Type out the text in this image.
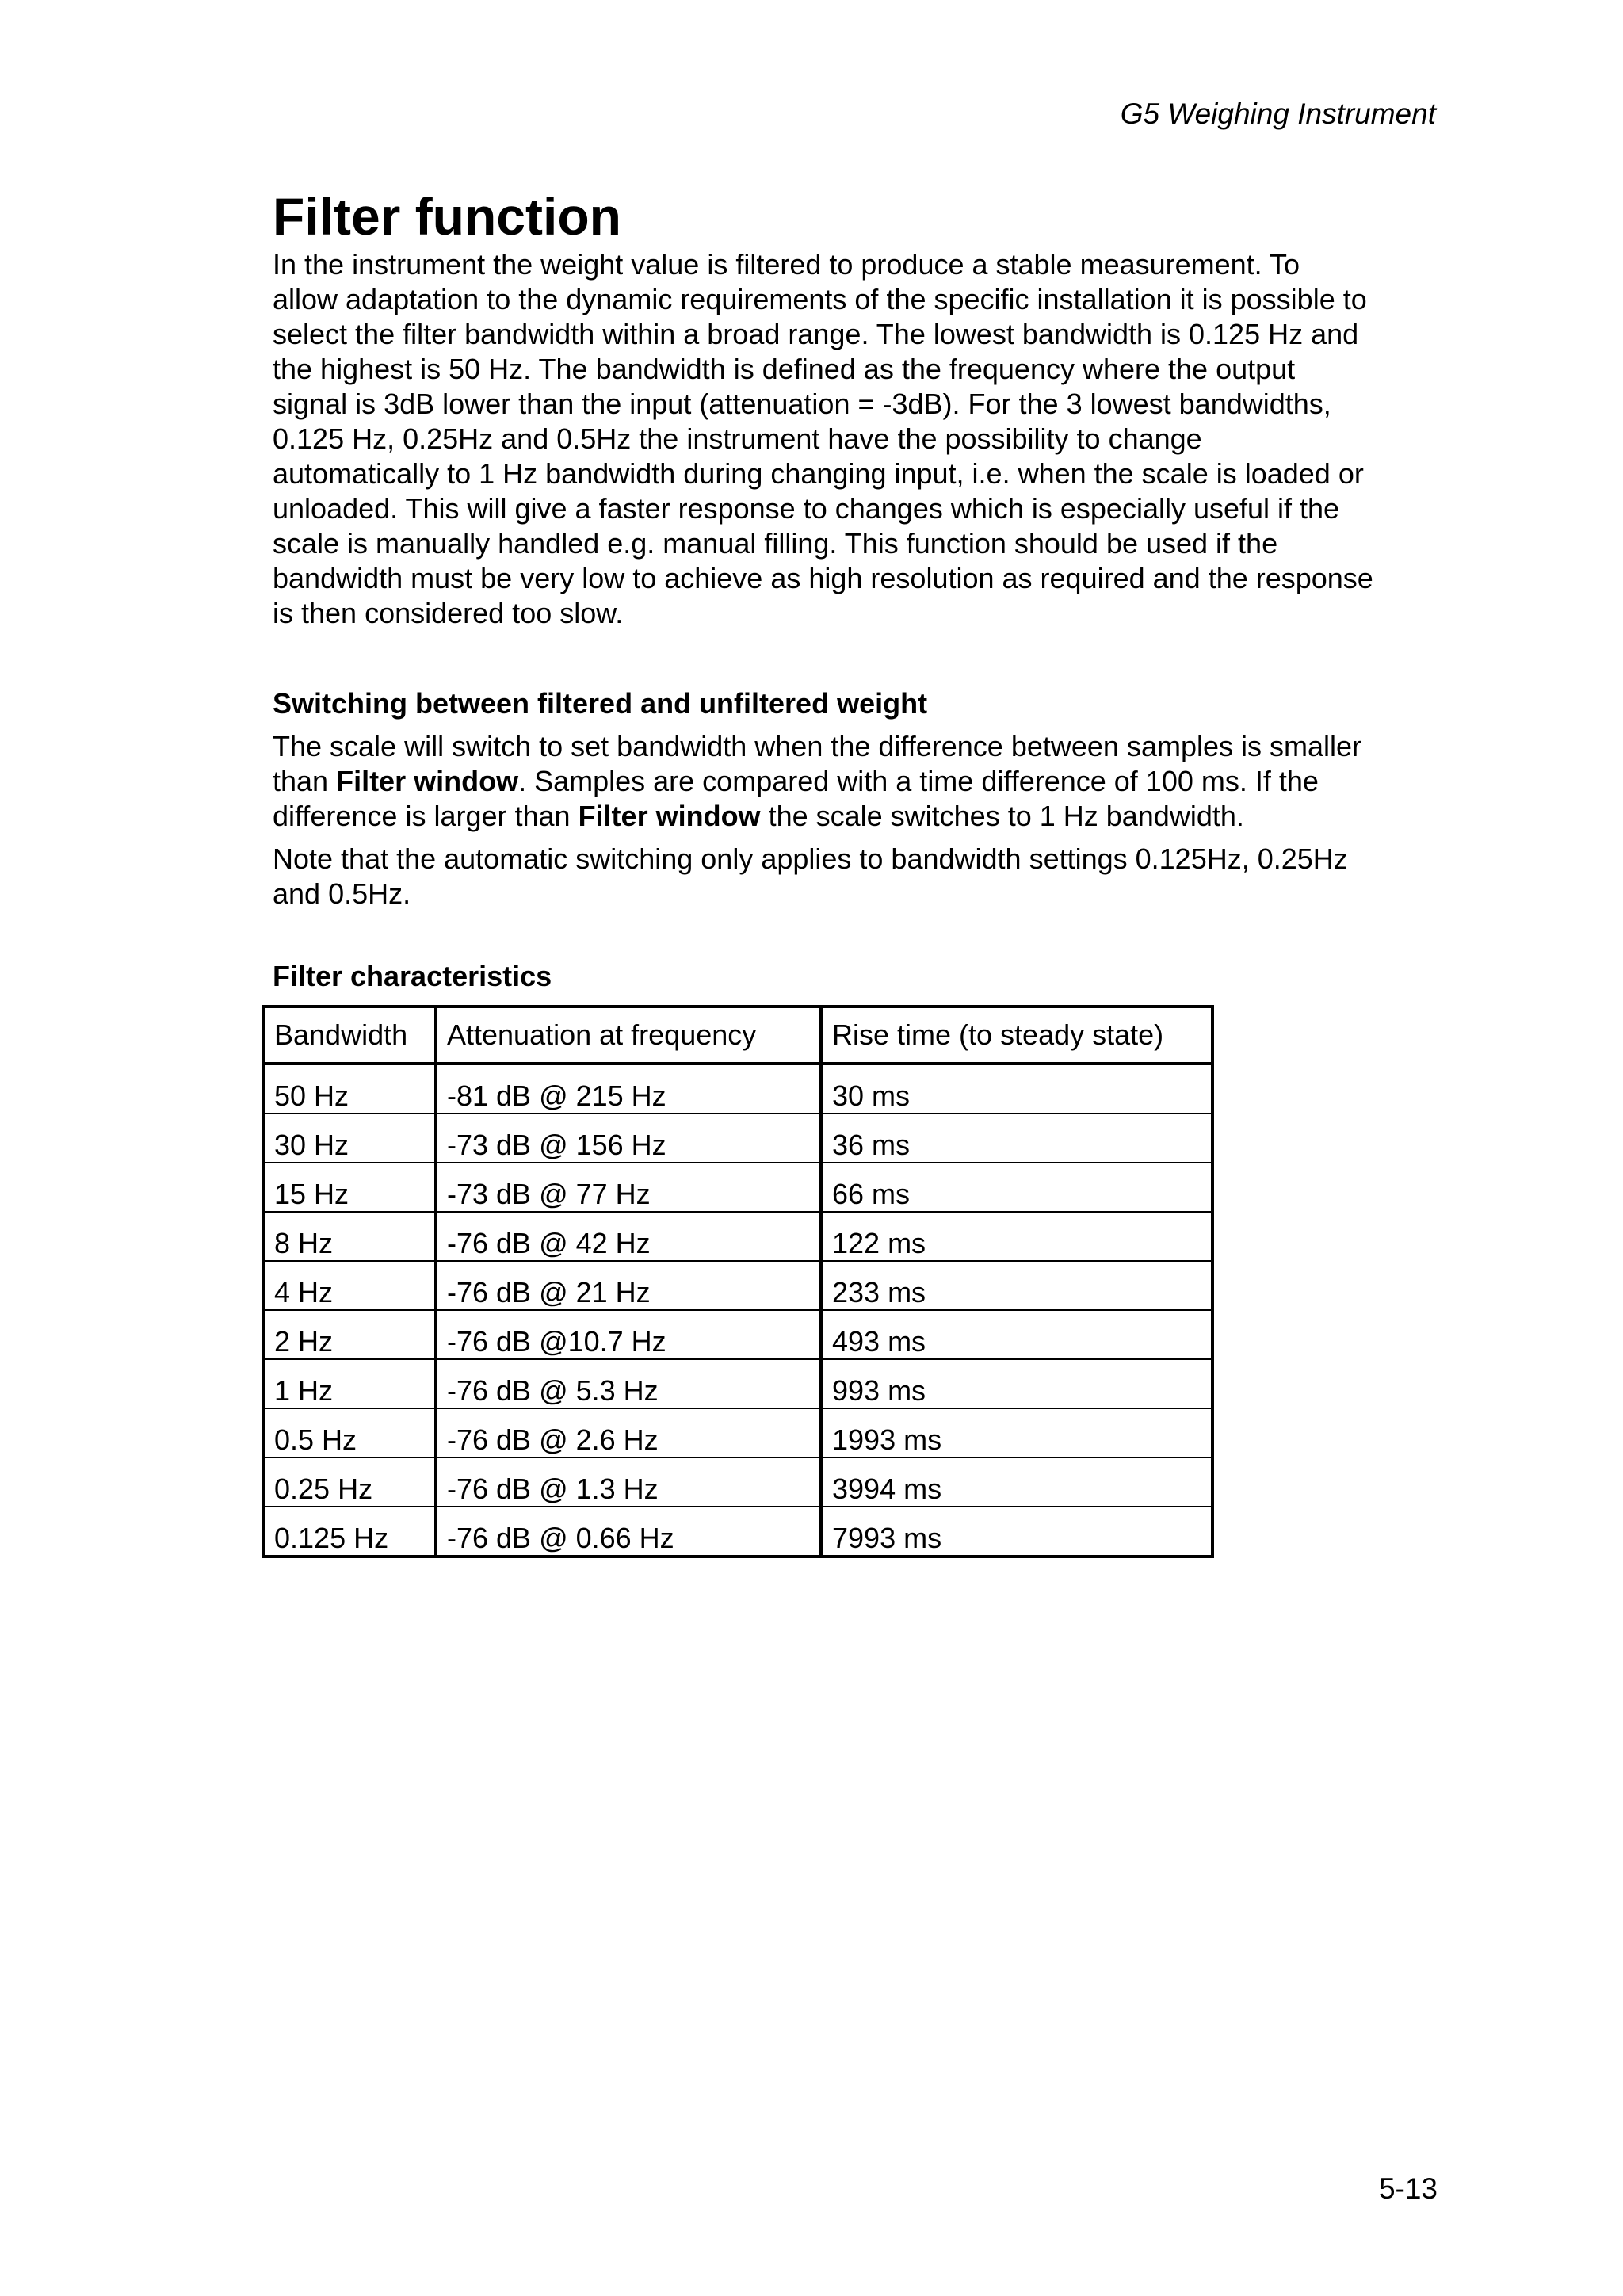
G5 Weighing Instrument
Filter function
In the instrument the weight value is filtered to produce a stable measurement. To
allow adaptation to the dynamic requirements of the specific installation it is possible to
select the filter bandwidth within a broad range. The lowest bandwidth is 0.125 Hz and
the highest is 50 Hz. The bandwidth is defined as the frequency where the output
signal is 3dB lower than the input (attenuation = -3dB). For the 3 lowest bandwidths,
0.125 Hz, 0.25Hz and 0.5Hz the instrument have the possibility to change
automatically to 1 Hz bandwidth during changing input, i.e. when the scale is loaded or
unloaded. This will give a faster response to changes which is especially useful if the
scale is manually handled e.g. manual filling. This function should be used if the
bandwidth must be very low to achieve as high resolution as required and the response
is then considered too slow.
Switching between filtered and unfiltered weight
The scale will switch to set bandwidth when the difference between samples is smaller
than Filter window. Samples are compared with a time difference of 100 ms. If the
difference is larger than Filter window the scale switches to 1 Hz bandwidth.
Note that the automatic switching only applies to bandwidth settings 0.125Hz, 0.25Hz
and 0.5Hz.
Filter characteristics
Bandwidth	Attenuation at frequency	Rise time (to steady state)
50 Hz	-81 dB @ 215 Hz	30 ms
30 Hz	-73 dB @ 156 Hz	36 ms
15 Hz	-73 dB @ 77 Hz	66 ms
8 Hz	-76 dB @ 42 Hz	122 ms
4 Hz	-76 dB @ 21 Hz	233 ms
2 Hz	-76 dB @10.7 Hz	493 ms
1 Hz	-76 dB @ 5.3 Hz	993 ms
0.5 Hz	-76 dB @ 2.6 Hz	1993 ms
0.25 Hz	-76 dB @ 1.3 Hz	3994 ms
0.125 Hz	-76 dB @ 0.66 Hz	7993 ms
5-13
